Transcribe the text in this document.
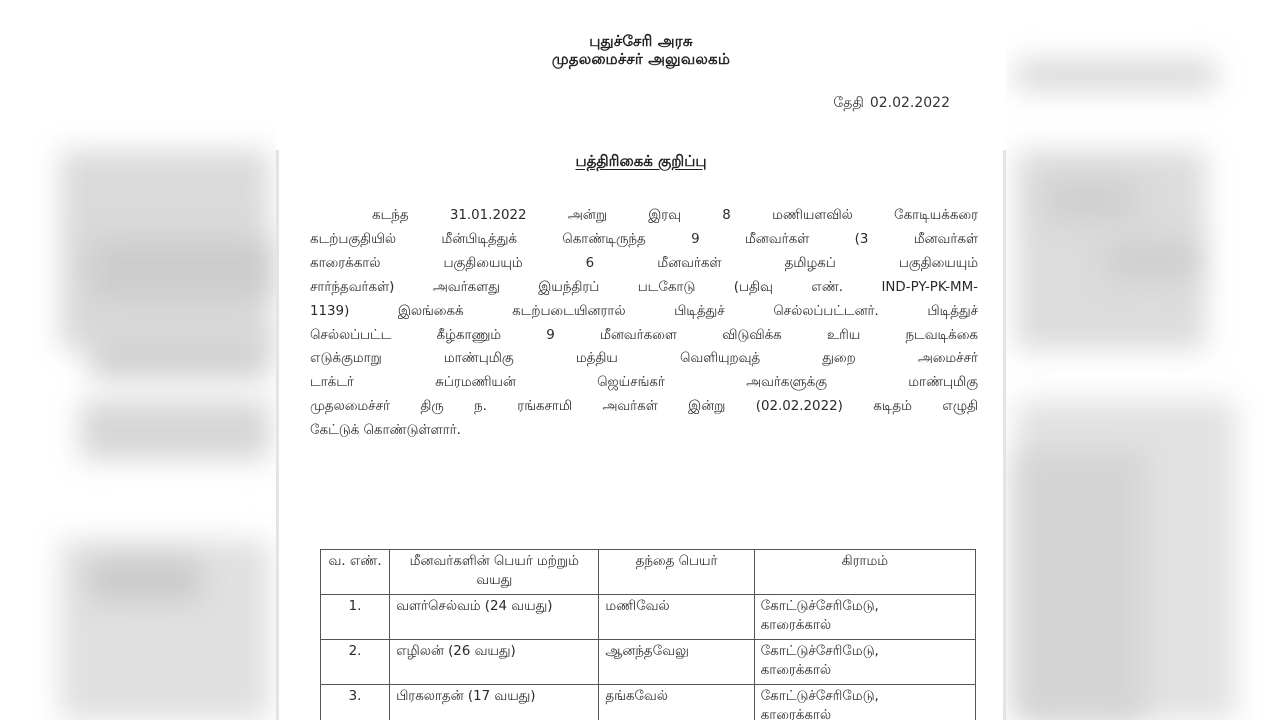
புதுச்சேரி அரசு
முதலமைச்சர் அலுவலகம்
தேதி 02.02.2022
பத்திரிகைக் குறிப்பு
கடந்த 31.01.2022 அன்று இரவு 8 மணியளவில் கோடியக்கரை
கடற்பகுதியில் மீன்பிடித்துக் கொண்டிருந்த 9 மீனவர்கள் (3 மீனவர்கள்
காரைக்கால் பகுதியையும் 6 மீனவர்கள் தமிழகப் பகுதியையும்
சார்ந்தவர்கள்) அவர்களது இயந்திரப் படகோடு (பதிவு எண். IND-PY-PK-MM-
1139) இலங்கைக் கடற்படையினரால் பிடித்துச் செல்லப்பட்டனர். பிடித்துச்
செல்லப்பட்ட கீழ்காணும் 9 மீனவர்களை விடுவிக்க உரிய நடவடிக்கை
எடுக்குமாறு மாண்புமிகு மத்திய வெளியுறவுத் துறை அமைச்சர்
டாக்டர் சுப்ரமணியன் ஜெய்சங்கர் அவர்களுக்கு மாண்புமிகு
முதலமைச்சர் திரு ந. ரங்கசாமி அவர்கள் இன்று (02.02.2022) கடிதம் எழுதி
கேட்டுக் கொண்டுள்ளார்.
வ. எண்.	மீனவர்களின் பெயர் மற்றும் வயது	தந்தை பெயர்	கிராமம்
1.	வளர்செல்வம் (24 வயது)	மணிவேல்	கோட்டுச்சேரிமேடு,
காரைக்கால்

2.	எழிலன் (26 வயது)	ஆனந்தவேலு	கோட்டுச்சேரிமேடு,
காரைக்கால்

3.	பிரகலாதன் (17 வயது)	தங்கவேல்	கோட்டுச்சேரிமேடு,
காரைக்கால்
